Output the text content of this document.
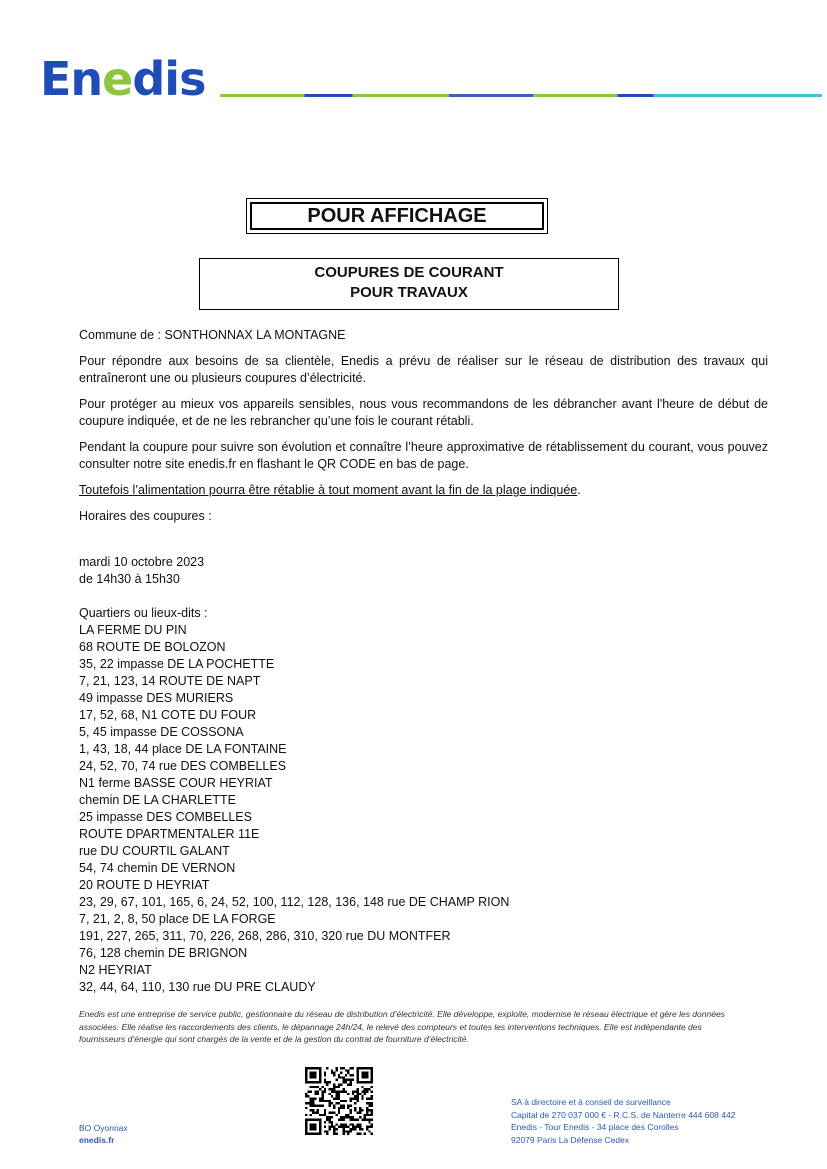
Enedis
POUR AFFICHAGE
COUPURES DE COURANT
POUR TRAVAUX

Commune de : SONTHONNAX LA MONTAGNE

Pour répondre aux besoins de sa clientèle, Enedis a prévu de réaliser sur le réseau de distribution des travaux qui entraîneront une ou plusieurs coupures d’électricité.

Pour protéger au mieux vos appareils sensibles, nous vous recommandons de les débrancher avant l'heure de début de coupure indiquée, et de ne les rebrancher qu’une fois le courant rétabli.

Pendant la coupure pour suivre son évolution et connaître l’heure approximative de rétablissement du courant, vous pouvez consulter notre site enedis.fr en flashant le QR CODE en bas de page.

Toutefois l’alimentation pourra être rétablie à tout moment avant la fin de la plage indiquée.

Horaires des coupures :

mardi 10 octobre 2023
de 14h30 à 15h30
Quartiers ou lieux-dits :
LA FERME DU PIN
68 ROUTE DE BOLOZON
35, 22 impasse DE LA POCHETTE
7, 21, 123, 14 ROUTE DE NAPT
49 impasse DES MURIERS
17, 52, 68, N1 COTE DU FOUR
5, 45 impasse DE COSSONA
1, 43, 18, 44 place DE LA FONTAINE
24, 52, 70, 74 rue DES COMBELLES
N1 ferme BASSE COUR HEYRIAT
chemin DE LA CHARLETTE
25 impasse DES COMBELLES
ROUTE DPARTMENTALER 11E
rue DU COURTIL GALANT
54, 74 chemin DE VERNON
20 ROUTE D HEYRIAT
23, 29, 67, 101, 165, 6, 24, 52, 100, 112, 128, 136, 148 rue DE CHAMP RION
7, 21, 2, 8, 50 place DE LA FORGE
191, 227, 265, 311, 70, 226, 268, 286, 310, 320 rue DU MONTFER
76, 128 chemin DE BRIGNON
N2 HEYRIAT
32, 44, 64, 110, 130 rue DU PRE CLAUDY
Enedis est une entreprise de service public, gestionnaire du réseau de distribution d’électricité. Elle développe, exploite, modernise le réseau électrique et gère les données associées. Elle réalise les raccordements des clients, le dépannage 24h/24, le relevé des compteurs et toutes les interventions techniques. Elle est indépendante des fournisseurs d’énergie qui sont chargés de la vente et de la gestion du contrat de fourniture d’électricité.
BO Oyonnax
enedis.fr
SA à directoire et à conseil de surveillance
Capital de 270 037 000 € - R.C.S. de Nanterre 444 608 442
Enedis - Tour Enedis - 34 place des Corolles
92079 Paris La Défense Cedex
